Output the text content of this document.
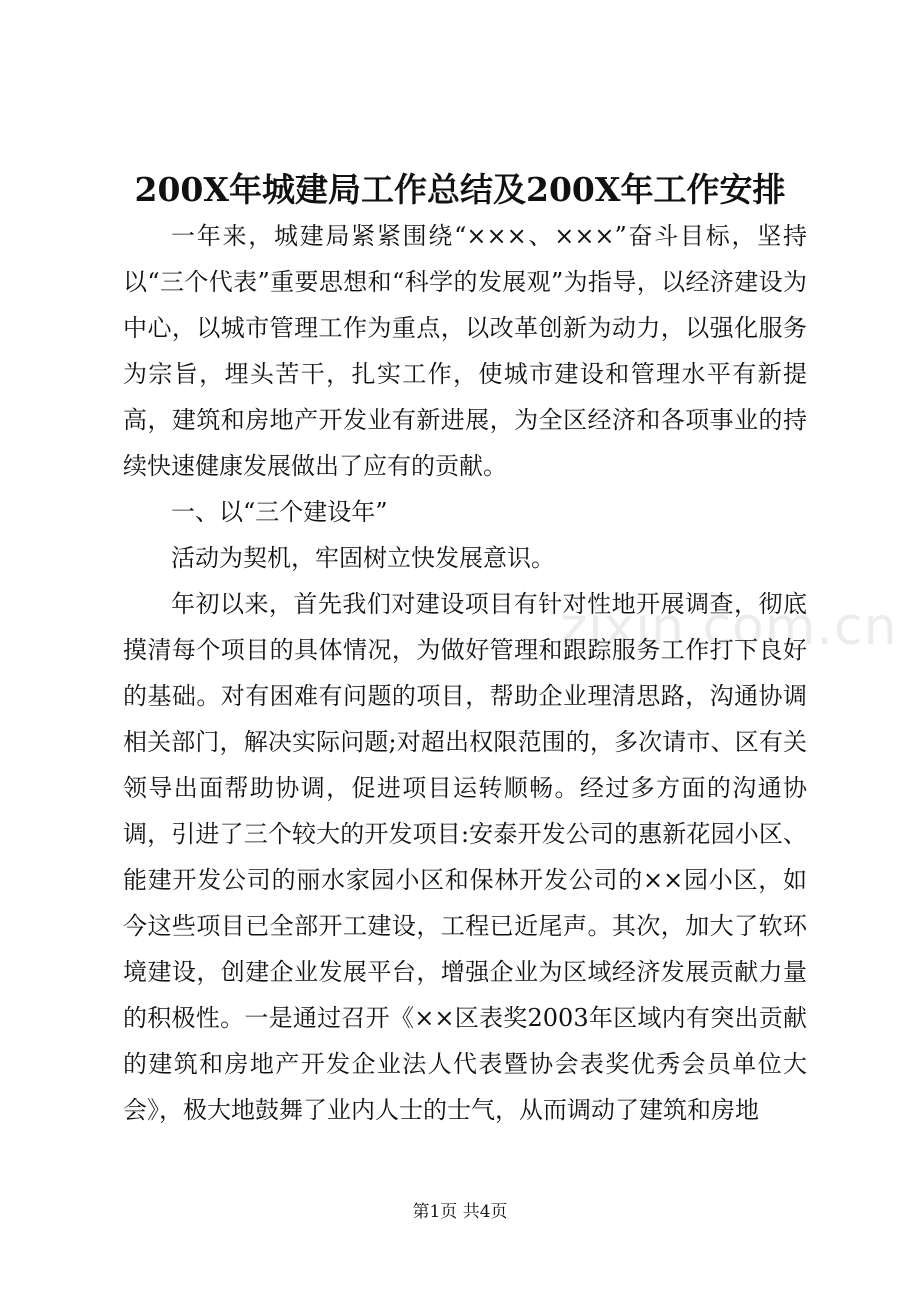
200X年城建局工作总结及200X年工作安排

一年来，城建局紧紧围绕“×××、×××”奋斗目标，坚持以“三个代表”重要思想和“科学的发展观”为指导，以经济建设为中心，以城市管理工作为重点，以改革创新为动力，以强化服务为宗旨，埋头苦干，扎实工作，使城市建设和管理水平有新提高，建筑和房地产开发业有新进展，为全区经济和各项事业的持续快速健康发展做出了应有的贡献。

一、以“三个建设年”

活动为契机，牢固树立快发展意识。

年初以来，首先我们对建设项目有针对性地开展调查，彻底摸清每个项目的具体情况，为做好管理和跟踪服务工作打下良好的基础。对有困难有问题的项目，帮助企业理清思路，沟通协调相关部门，解决实际问题;对超出权限范围的，多次请市、区有关领导出面帮助协调，促进项目运转顺畅。经过多方面的沟通协调，引进了三个较大的开发项目:安泰开发公司的惠新花园小区、能建开发公司的丽水家园小区和保林开发公司的××园小区，如今这些项目已全部开工建设，工程已近尾声。其次，加大了软环境建设，创建企业发展平台，增强企业为区域经济发展贡献力量的积极性。一是通过召开《××区表奖2003年区域内有突出贡献的建筑和房地产开发企业法人代表暨协会表奖优秀会员单位大会》，极大地鼓舞了业内人士的士气，从而调动了建筑和房地

zixin.com.cn
第1页 共4页
